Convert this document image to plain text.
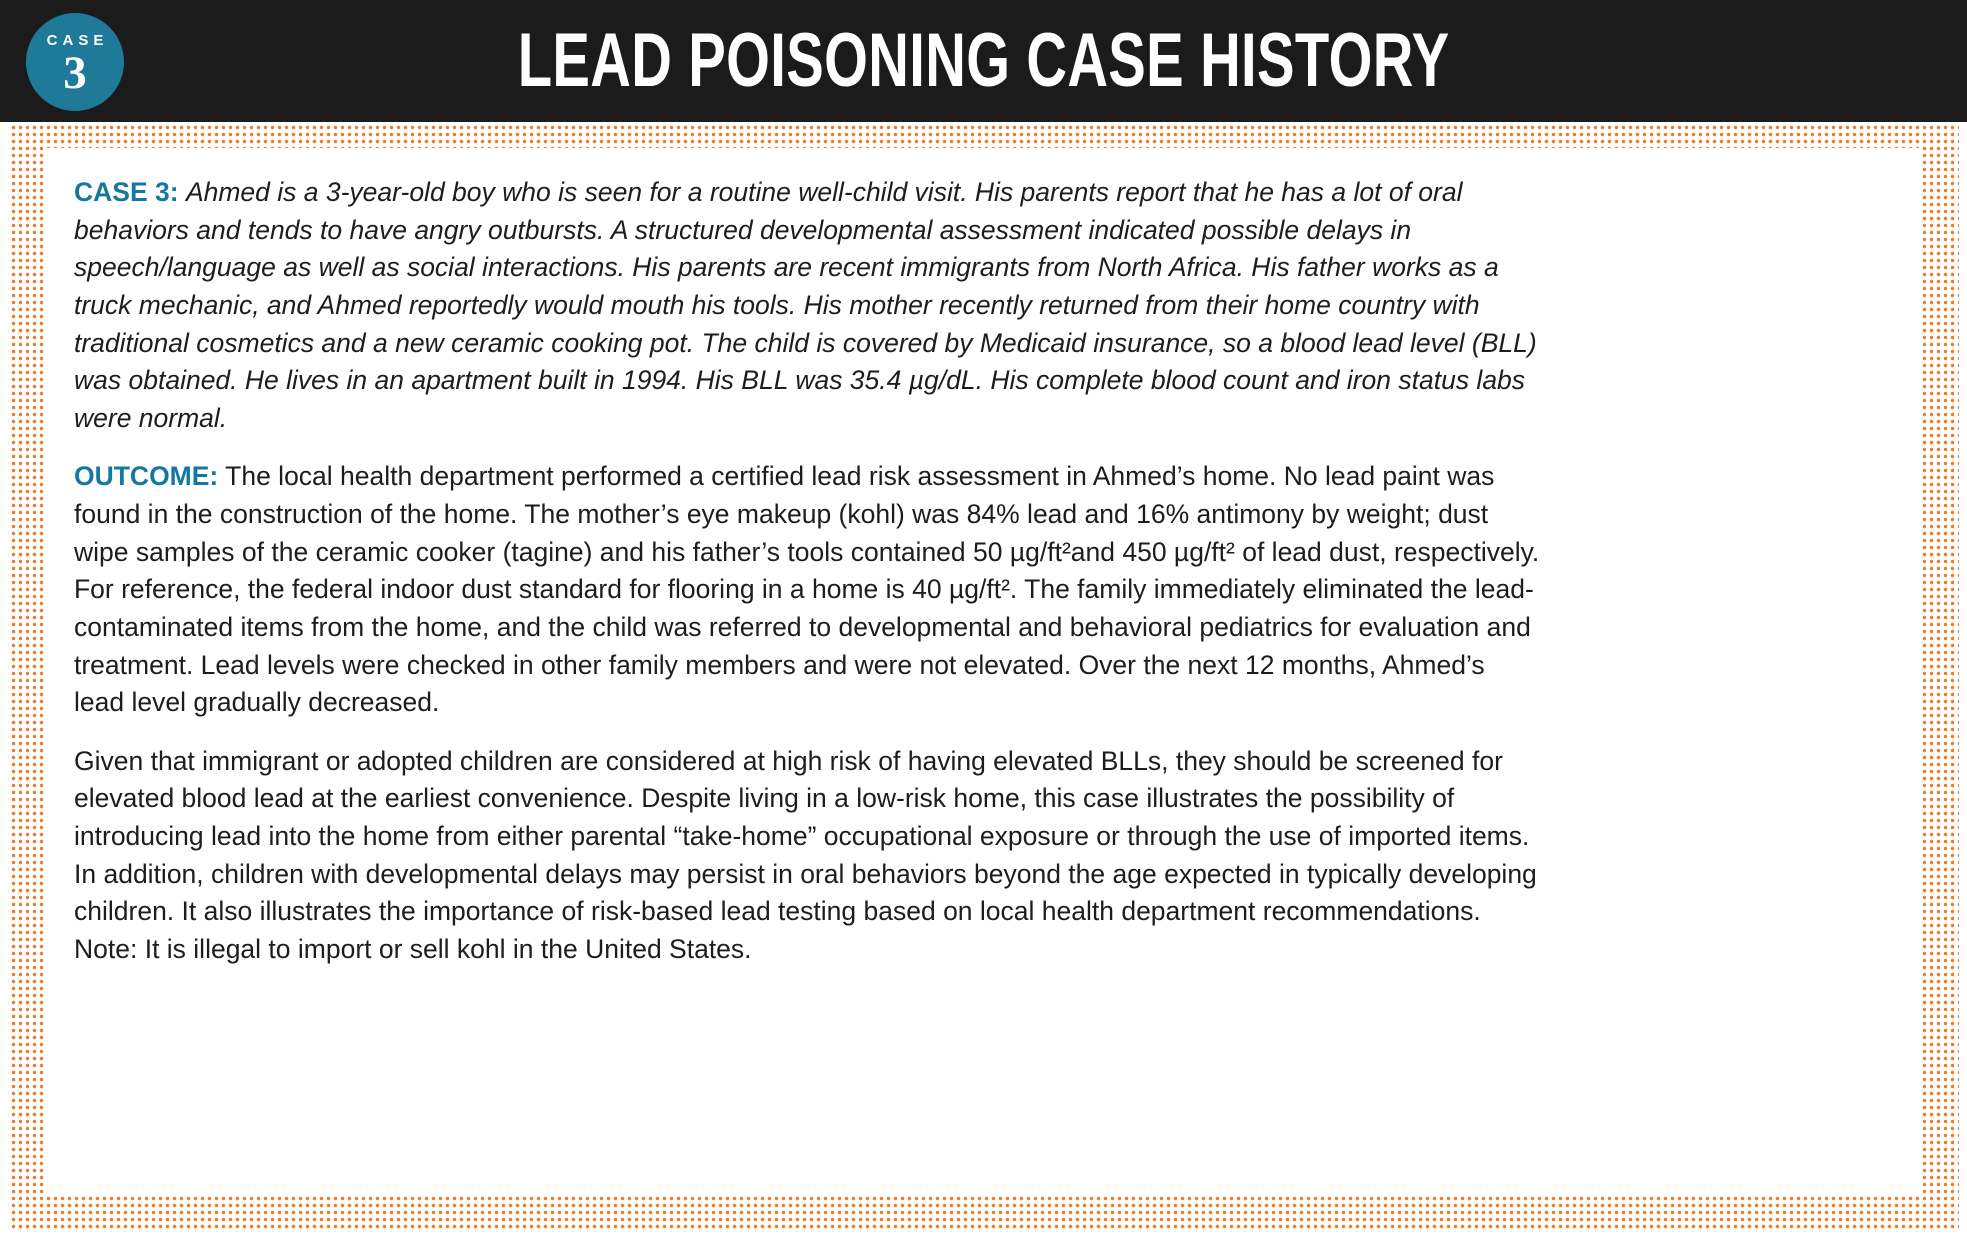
CASE
3	LEAD POISONING CASE HISTORY

CASE 3: Ahmed is a 3-year-old boy who is seen for a routine well-child visit. His parents report that he has a lot of oral behaviors and tends to have angry outbursts. A structured developmental assessment indicated possible delays in speech/language as well as social interactions. His parents are recent immigrants from North Africa. His father works as a truck mechanic, and Ahmed reportedly would mouth his tools. His mother recently returned from their home country with traditional cosmetics and a new ceramic cooking pot. The child is covered by Medicaid insurance, so a blood lead level (BLL) was obtained. He lives in an apartment built in 1994. His BLL was 35.4 µg/dL. His complete blood count and iron status labs were normal.

OUTCOME: The local health department performed a certified lead risk assessment in Ahmed’s home. No lead paint was found in the construction of the home. The mother’s eye makeup (kohl) was 84% lead and 16% antimony by weight; dust wipe samples of the ceramic cooker (tagine) and his father’s tools contained 50 µg/ft²and 450 µg/ft² of lead dust, respectively. For reference, the federal indoor dust standard for flooring in a home is 40 µg/ft². The family immediately eliminated the lead-contaminated items from the home, and the child was referred to developmental and behavioral pediatrics for evaluation and treatment. Lead levels were checked in other family members and were not elevated. Over the next 12 months, Ahmed’s lead level gradually decreased.

Given that immigrant or adopted children are considered at high risk of having elevated BLLs, they should be screened for elevated blood lead at the earliest convenience. Despite living in a low-risk home, this case illustrates the possibility of introducing lead into the home from either parental “take-home” occupational exposure or through the use of imported items. In addition, children with developmental delays may persist in oral behaviors beyond the age expected in typically developing children. It also illustrates the importance of risk-based lead testing based on local health department recommendations. Note: It is illegal to import or sell kohl in the United States.
